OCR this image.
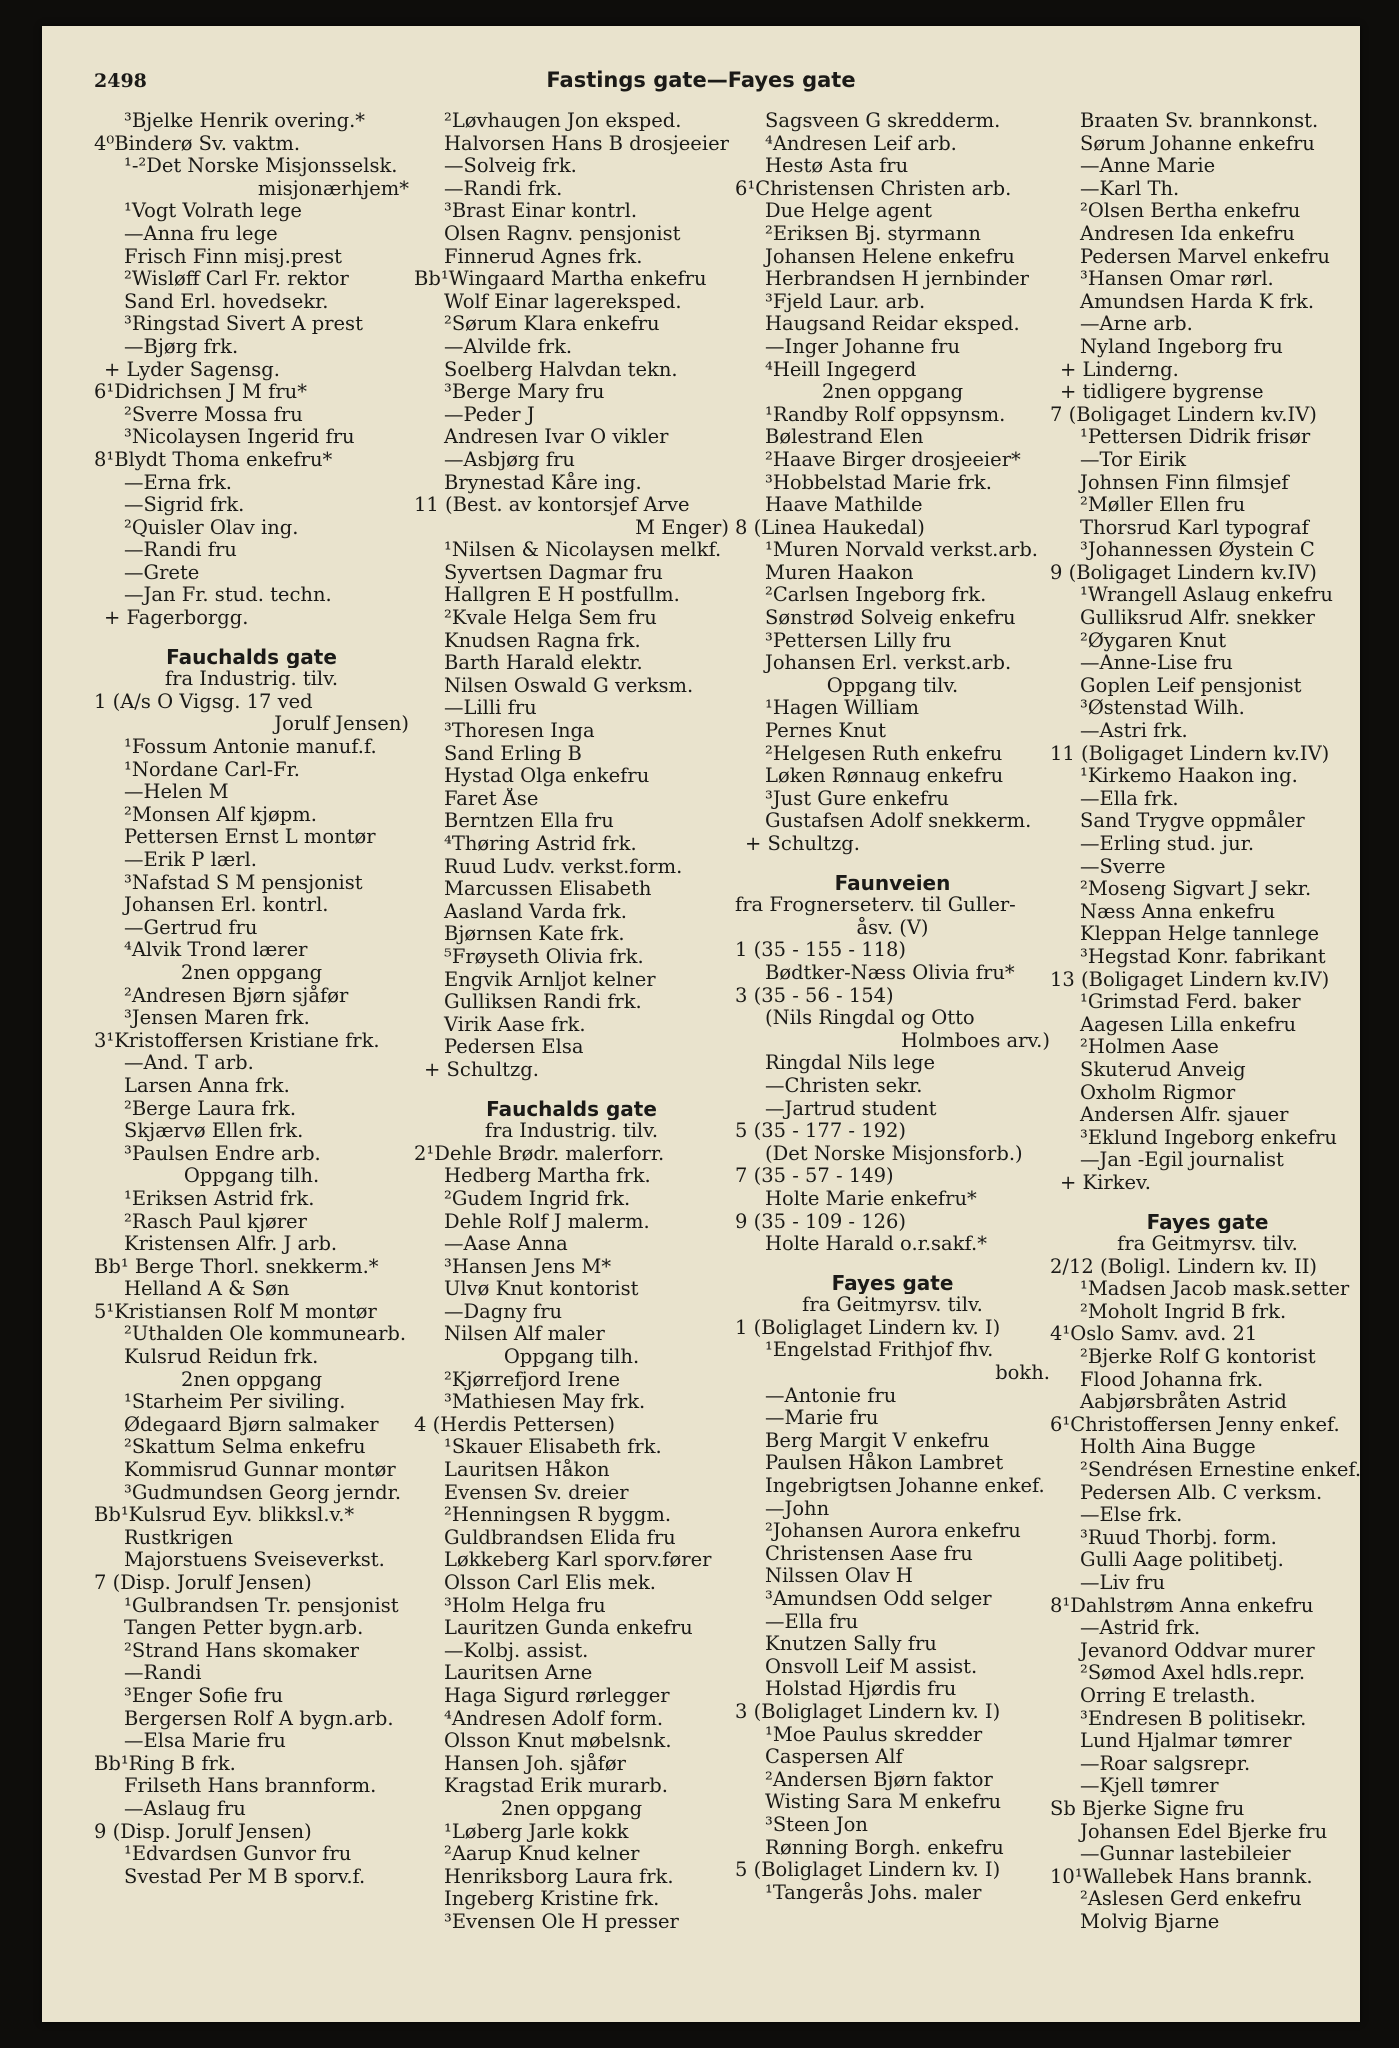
2498	Fastings gate—Fayes gate
³Bjelke Henrik overing.*
4⁰Binderø Sv. vaktm.
¹-²Det Norske Misjonsselsk.
misjonærhjem*
¹Vogt Volrath lege
—Anna fru lege
Frisch Finn misj.prest
²Wisløff Carl Fr. rektor
Sand Erl. hovedsekr.
³Ringstad Sivert A prest
—Bjørg frk.
+ Lyder Sagensg.
6¹Didrichsen J M fru*
²Sverre Mossa fru
³Nicolaysen Ingerid fru
8¹Blydt Thoma enkefru*
—Erna frk.
—Sigrid frk.
²Quisler Olav ing.
—Randi fru
—Grete
—Jan Fr. stud. techn.
+ Fagerborgg.
Fauchalds gate
fra Industrig. tilv.
1 (A/s O Vigsg. 17 ved
Jorulf Jensen)
¹Fossum Antonie manuf.f.
¹Nordane Carl-Fr.
—Helen M
²Monsen Alf kjøpm.
Pettersen Ernst L montør
—Erik P lærl.
³Nafstad S M pensjonist
Johansen Erl. kontrl.
—Gertrud fru
⁴Alvik Trond lærer
2nen oppgang
²Andresen Bjørn sjåfør
³Jensen Maren frk.
3¹Kristoffersen Kristiane frk.
—And. T arb.
Larsen Anna frk.
²Berge Laura frk.
Skjærvø Ellen frk.
³Paulsen Endre arb.
Oppgang tilh.
¹Eriksen Astrid frk.
²Rasch Paul kjører
Kristensen Alfr. J arb.
Bb¹ Berge Thorl. snekkerm.*
Helland A & Søn
5¹Kristiansen Rolf M montør
²Uthalden Ole kommunearb.
Kulsrud Reidun frk.
2nen oppgang
¹Starheim Per siviling.
Ødegaard Bjørn salmaker
²Skattum Selma enkefru
Kommisrud Gunnar montør
³Gudmundsen Georg jerndr.
Bb¹Kulsrud Eyv. blikksl.v.*
Rustkrigen
Majorstuens Sveiseverkst.
7 (Disp. Jorulf Jensen)
¹Gulbrandsen Tr. pensjonist
Tangen Petter bygn.arb.
²Strand Hans skomaker
—Randi
³Enger Sofie fru
Bergersen Rolf A bygn.arb.
—Elsa Marie fru
Bb¹Ring B frk.
Frilseth Hans brannform.
—Aslaug fru
9 (Disp. Jorulf Jensen)
¹Edvardsen Gunvor fru
Svestad Per M B sporv.f.
²Løvhaugen Jon eksped.
Halvorsen Hans B drosjeeier
—Solveig frk.
—Randi frk.
³Brast Einar kontrl.
Olsen Ragnv. pensjonist
Finnerud Agnes frk.
Bb¹Wingaard Martha enkefru
Wolf Einar lagereksped.
²Sørum Klara enkefru
—Alvilde frk.
Soelberg Halvdan tekn.
³Berge Mary fru
—Peder J
Andresen Ivar O vikler
—Asbjørg fru
Brynestad Kåre ing.
11 (Best. av kontorsjef Arve
M Enger)
¹Nilsen & Nicolaysen melkf.
Syvertsen Dagmar fru
Hallgren E H postfullm.
²Kvale Helga Sem fru
Knudsen Ragna frk.
Barth Harald elektr.
Nilsen Oswald G verksm.
—Lilli fru
³Thoresen Inga
Sand Erling B
Hystad Olga enkefru
Faret Åse
Berntzen Ella fru
⁴Thøring Astrid frk.
Ruud Ludv. verkst.form.
Marcussen Elisabeth
Aasland Varda frk.
Bjørnsen Kate frk.
⁵Frøyseth Olivia frk.
Engvik Arnljot kelner
Gulliksen Randi frk.
Virik Aase frk.
Pedersen Elsa
+ Schultzg.
Fauchalds gate
fra Industrig. tilv.
2¹Dehle Brødr. malerforr.
Hedberg Martha frk.
²Gudem Ingrid frk.
Dehle Rolf J malerm.
—Aase Anna
³Hansen Jens M*
Ulvø Knut kontorist
—Dagny fru
Nilsen Alf maler
Oppgang tilh.
²Kjørrefjord Irene
³Mathiesen May frk.
4 (Herdis Pettersen)
¹Skauer Elisabeth frk.
Lauritsen Håkon
Evensen Sv. dreier
²Henningsen R byggm.
Guldbrandsen Elida fru
Løkkeberg Karl sporv.fører
Olsson Carl Elis mek.
³Holm Helga fru
Lauritzen Gunda enkefru
—Kolbj. assist.
Lauritsen Arne
Haga Sigurd rørlegger
⁴Andresen Adolf form.
Olsson Knut møbelsnk.
Hansen Joh. sjåfør
Kragstad Erik murarb.
2nen oppgang
¹Løberg Jarle kokk
²Aarup Knud kelner
Henriksborg Laura frk.
Ingeberg Kristine frk.
³Evensen Ole H presser
Sagsveen G skredderm.
⁴Andresen Leif arb.
Hestø Asta fru
6¹Christensen Christen arb.
Due Helge agent
²Eriksen Bj. styrmann
Johansen Helene enkefru
Herbrandsen H jernbinder
³Fjeld Laur. arb.
Haugsand Reidar eksped.
—Inger Johanne fru
⁴Heill Ingegerd
2nen oppgang
¹Randby Rolf oppsynsm.
Bølestrand Elen
²Haave Birger drosjeeier*
³Hobbelstad Marie frk.
Haave Mathilde
8 (Linea Haukedal)
¹Muren Norvald verkst.arb.
Muren Haakon
²Carlsen Ingeborg frk.
Sønstrød Solveig enkefru
³Pettersen Lilly fru
Johansen Erl. verkst.arb.
Oppgang tilv.
¹Hagen William
Pernes Knut
²Helgesen Ruth enkefru
Løken Rønnaug enkefru
³Just Gure enkefru
Gustafsen Adolf snekkerm.
+ Schultzg.
Faunveien
fra Frognerseterv. til Guller-
åsv. (V)
1 (35 - 155 - 118)
Bødtker-Næss Olivia fru*
3 (35 - 56 - 154)
(Nils Ringdal og Otto
Holmboes arv.)
Ringdal Nils lege
—Christen sekr.
—Jartrud student
5 (35 - 177 - 192)
(Det Norske Misjonsforb.)
7 (35 - 57 - 149)
Holte Marie enkefru*
9 (35 - 109 - 126)
Holte Harald o.r.sakf.*
Fayes gate
fra Geitmyrsv. tilv.
1 (Boliglaget Lindern kv. I)
¹Engelstad Frithjof fhv.
bokh.
—Antonie fru
—Marie fru
Berg Margit V enkefru
Paulsen Håkon Lambret
Ingebrigtsen Johanne enkef.
—John
²Johansen Aurora enkefru
Christensen Aase fru
Nilssen Olav H
³Amundsen Odd selger
—Ella fru
Knutzen Sally fru
Onsvoll Leif M assist.
Holstad Hjørdis fru
3 (Boliglaget Lindern kv. I)
¹Moe Paulus skredder
Caspersen Alf
²Andersen Bjørn faktor
Wisting Sara M enkefru
³Steen Jon
Rønning Borgh. enkefru
5 (Boliglaget Lindern kv. I)
¹Tangerås Johs. maler
Braaten Sv. brannkonst.
Sørum Johanne enkefru
—Anne Marie
—Karl Th.
²Olsen Bertha enkefru
Andresen Ida enkefru
Pedersen Marvel enkefru
³Hansen Omar rørl.
Amundsen Harda K frk.
—Arne arb.
Nyland Ingeborg fru
+ Linderng.
+ tidligere bygrense
7 (Boligaget Lindern kv.IV)
¹Pettersen Didrik frisør
—Tor Eirik
Johnsen Finn filmsjef
²Møller Ellen fru
Thorsrud Karl typograf
³Johannessen Øystein C
9 (Boligaget Lindern kv.IV)
¹Wrangell Aslaug enkefru
Gulliksrud Alfr. snekker
²Øygaren Knut
—Anne-Lise fru
Goplen Leif pensjonist
³Østenstad Wilh.
—Astri frk.
11 (Boligaget Lindern kv.IV)
¹Kirkemo Haakon ing.
—Ella frk.
Sand Trygve oppmåler
—Erling stud. jur.
—Sverre
²Moseng Sigvart J sekr.
Næss Anna enkefru
Kleppan Helge tannlege
³Hegstad Konr. fabrikant
13 (Boligaget Lindern kv.IV)
¹Grimstad Ferd. baker
Aagesen Lilla enkefru
²Holmen Aase
Skuterud Anveig
Oxholm Rigmor
Andersen Alfr. sjauer
³Eklund Ingeborg enkefru
—Jan -Egil journalist
+ Kirkev.
Fayes gate
fra Geitmyrsv. tilv.
2/12 (Boligl. Lindern kv. II)
¹Madsen Jacob mask.setter
²Moholt Ingrid B frk.
4¹Oslo Samv. avd. 21
²Bjerke Rolf G kontorist
Flood Johanna frk.
Aabjørsbråten Astrid
6¹Christoffersen Jenny enkef.
Holth Aina Bugge
²Sendrésen Ernestine enkef.
Pedersen Alb. C verksm.
—Else frk.
³Ruud Thorbj. form.
Gulli Aage politibetj.
—Liv fru
8¹Dahlstrøm Anna enkefru
—Astrid frk.
Jevanord Oddvar murer
²Sømod Axel hdls.repr.
Orring E trelasth.
³Endresen B politisekr.
Lund Hjalmar tømrer
—Roar salgsrepr.
—Kjell tømrer
Sb Bjerke Signe fru
Johansen Edel Bjerke fru
—Gunnar lastebileier
10¹Wallebek Hans brannk.
²Aslesen Gerd enkefru
Molvig Bjarne
